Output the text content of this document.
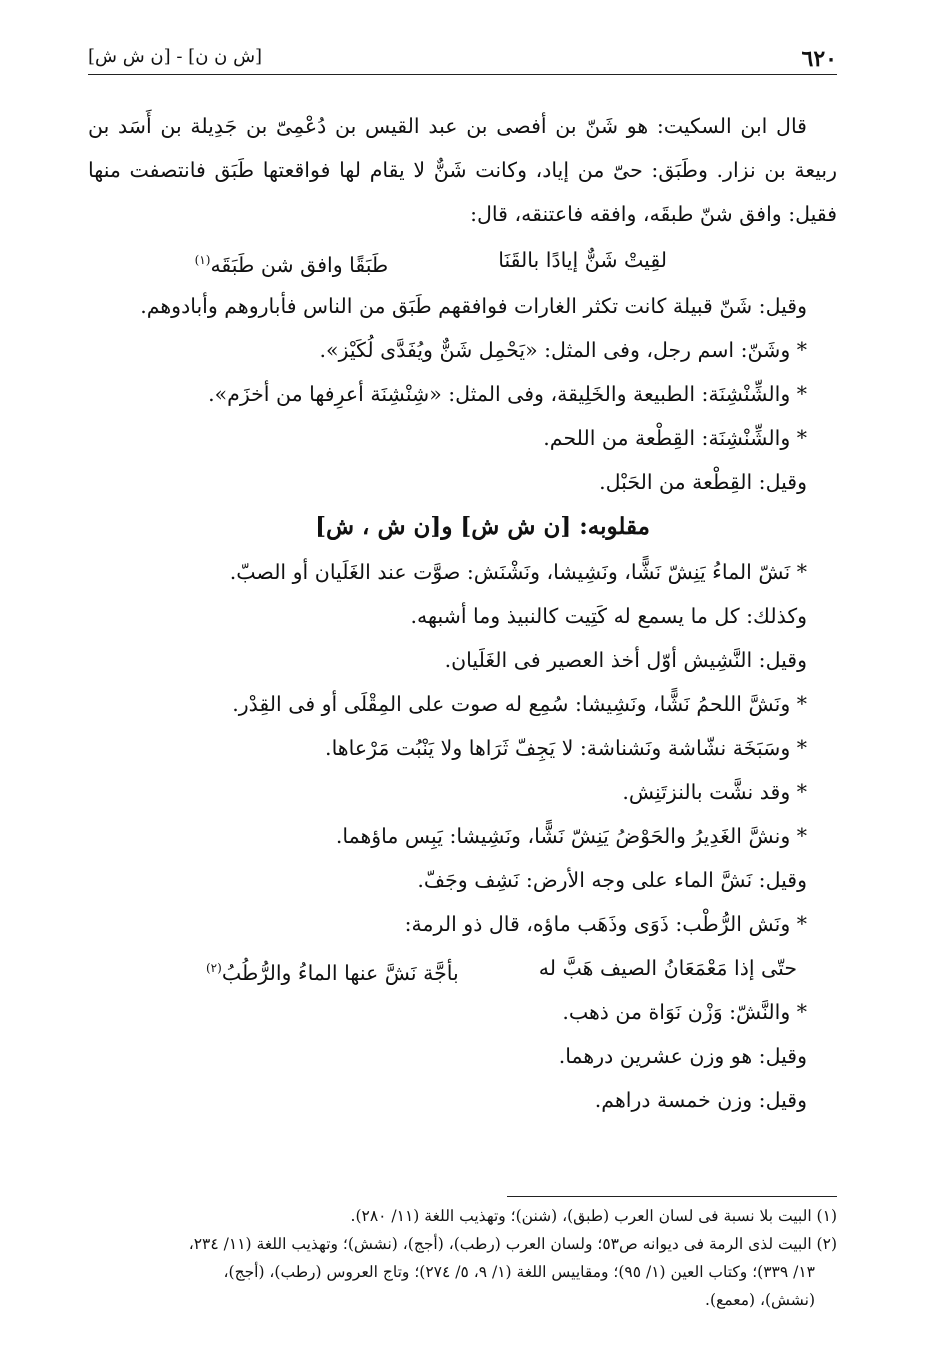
٦٢٠
[ش ن ن] - [ن ش ش]
قال ابن السكيت: هو شَنّ بن أفصى بن عبد القيس بن دُعْمِىّ بن جَدِيلة بن أَسَد بن
ربيعة بن نزار. وطَبَق: حىّ من إياد، وكانت شَنٌّ لا يقام لها فواقعتها طَبَق فانتصفت منها
فقيل: وافق شنّ طبقَه، وافقه فاعتنقه، قال:
لقِيتْ شَنٌّ إيادًا بالقَنَا
طَبَقًا وافق شن طَبَقَه$^{(١)}$
وقيل: شَنّ قبيلة كانت تكثر الغارات فوافقهم طَبَق من الناس فأباروهم وأبادوهم.
* وشَنّ: اسم رجل، وفى المثل: «يَحْمِل شَنٌّ ويُفَدَّى لُكَيْز».
* والشِّنْشِنَة: الطبيعة والخَلِيقة، وفى المثل: «شِنْشِنَة أعرِفها من أخزَم».
* والشِّنْشِنَة: القِطْعة من اللحم.
وقيل: القِطْعة من الحَبْل.
مقلوبه: [ن ش ش] و[ن ش ، ش]
* نَشّ الماءُ يَنِشّ نَشًّا، ونَشِيشا، ونَشْنَش: صوَّت عند الغَلَيان أو الصبّ.
وكذلك: كل ما يسمع له كَتِيت كالنبيذ وما أشبهه.
وقيل: النَّشِيش أوّل أخذ العصير فى الغَلَيان.
* ونَشَّ اللحمُ نَشًّا، ونَشِيشا: سُمِع له صوت على المِقْلَى أو فى القِدْر.
* وسَبَخَة نشّاشة ونَشناشة: لا يَجِفّ ثَرَاها ولا يَنْبُت مَرْعاها.
* وقد نشَّت بالنزتَنِش.
* ونشَّ الغَدِيرُ والحَوْضُ يَنِشّ نَشًّا، ونَشِيشا: يَبِس ماؤهما.
وقيل: نَشَّ الماء على وجه الأرض: نَشِف وجَفّ.
* ونَش الرُّطْب: ذَوَى وذَهَب ماؤه، قال ذو الرمة:
حتّى إذا مَعْمَعَانُ الصيف هَبَّ له
بأجَّة نَشَّ عنها الماءُ والرُّطُبُ$^{(٢)}$
* والنَّشّ: وَزْن نَوَاة من ذهب.
وقيل: هو وزن عشرين درهما.
وقيل: وزن خمسة دراهم.
(١) البيت بلا نسبة فى لسان العرب (طبق)، (شنن)؛ وتهذيب اللغة (١١/ ٢٨٠).
(٢) البيت لذى الرمة فى ديوانه ص٥٣؛ ولسان العرب (رطب)، (أجج)، (نشش)؛ وتهذيب اللغة (١١/ ٢٣٤،
١٣/ ٣٣٩)؛ وكتاب العين (١/ ٩٥)؛ ومقاييس اللغة (١/ ٩، ٥/ ٢٧٤)؛ وتاج العروس (رطب)، (أجج)،
(نشش)، (معمع).
